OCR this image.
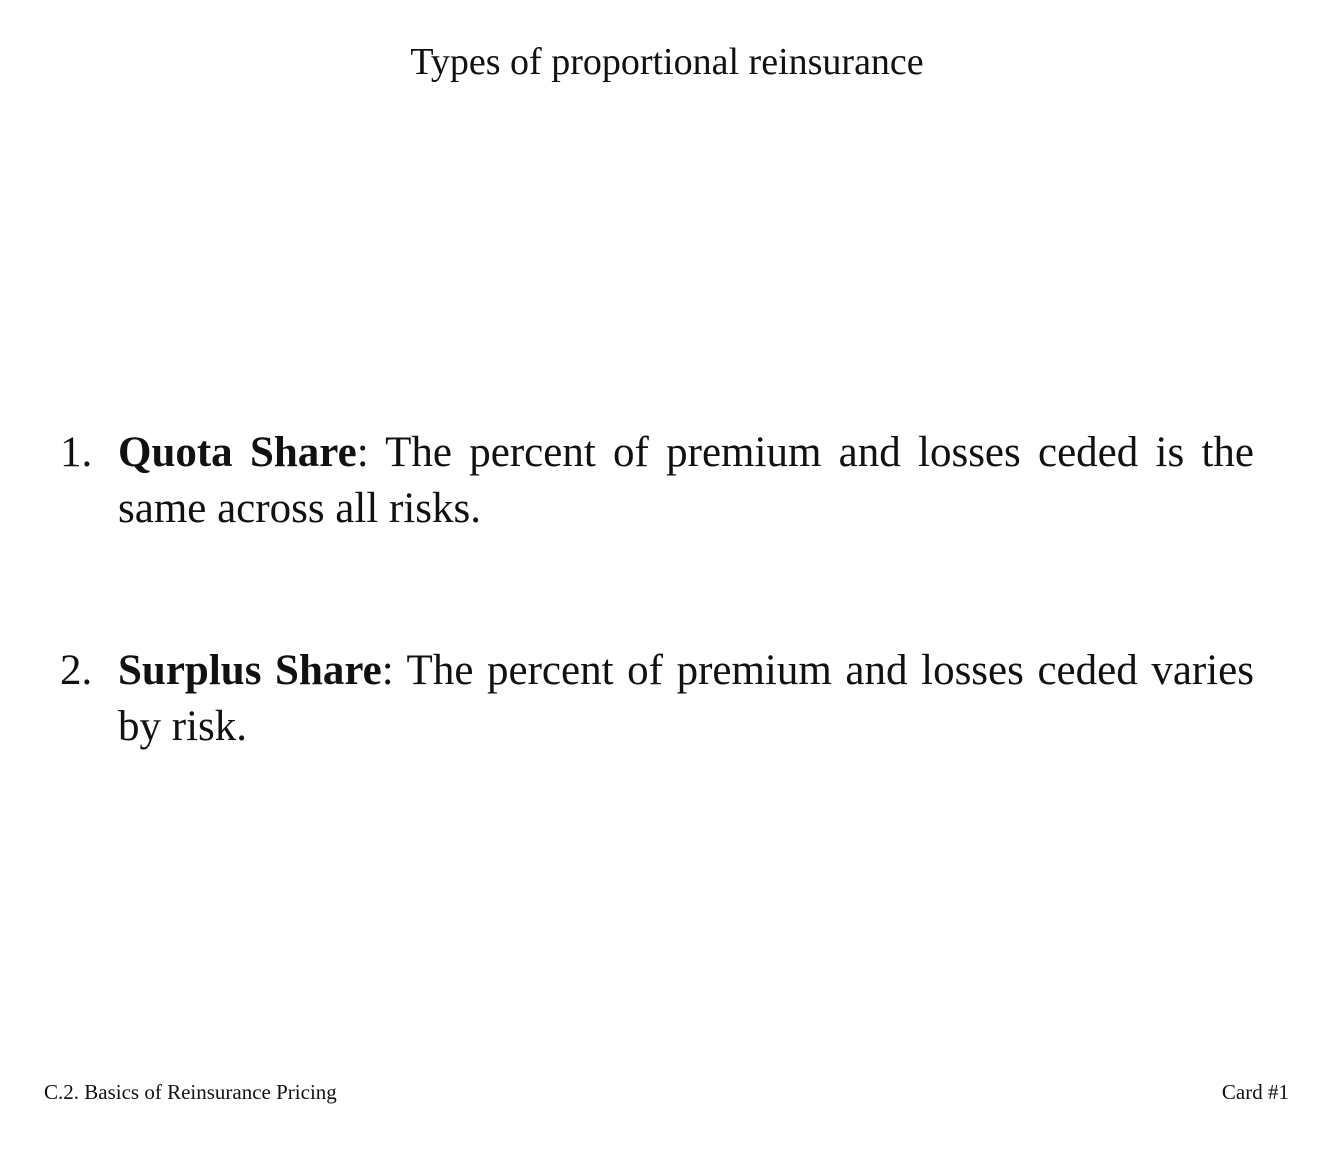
Types of proportional reinsurance
1. Quota Share: The percent of premium and losses ceded is the same across all risks.
2. Surplus Share: The percent of premium and losses ceded varies by risk.
C.2. Basics of Reinsurance Pricing	Card #1
